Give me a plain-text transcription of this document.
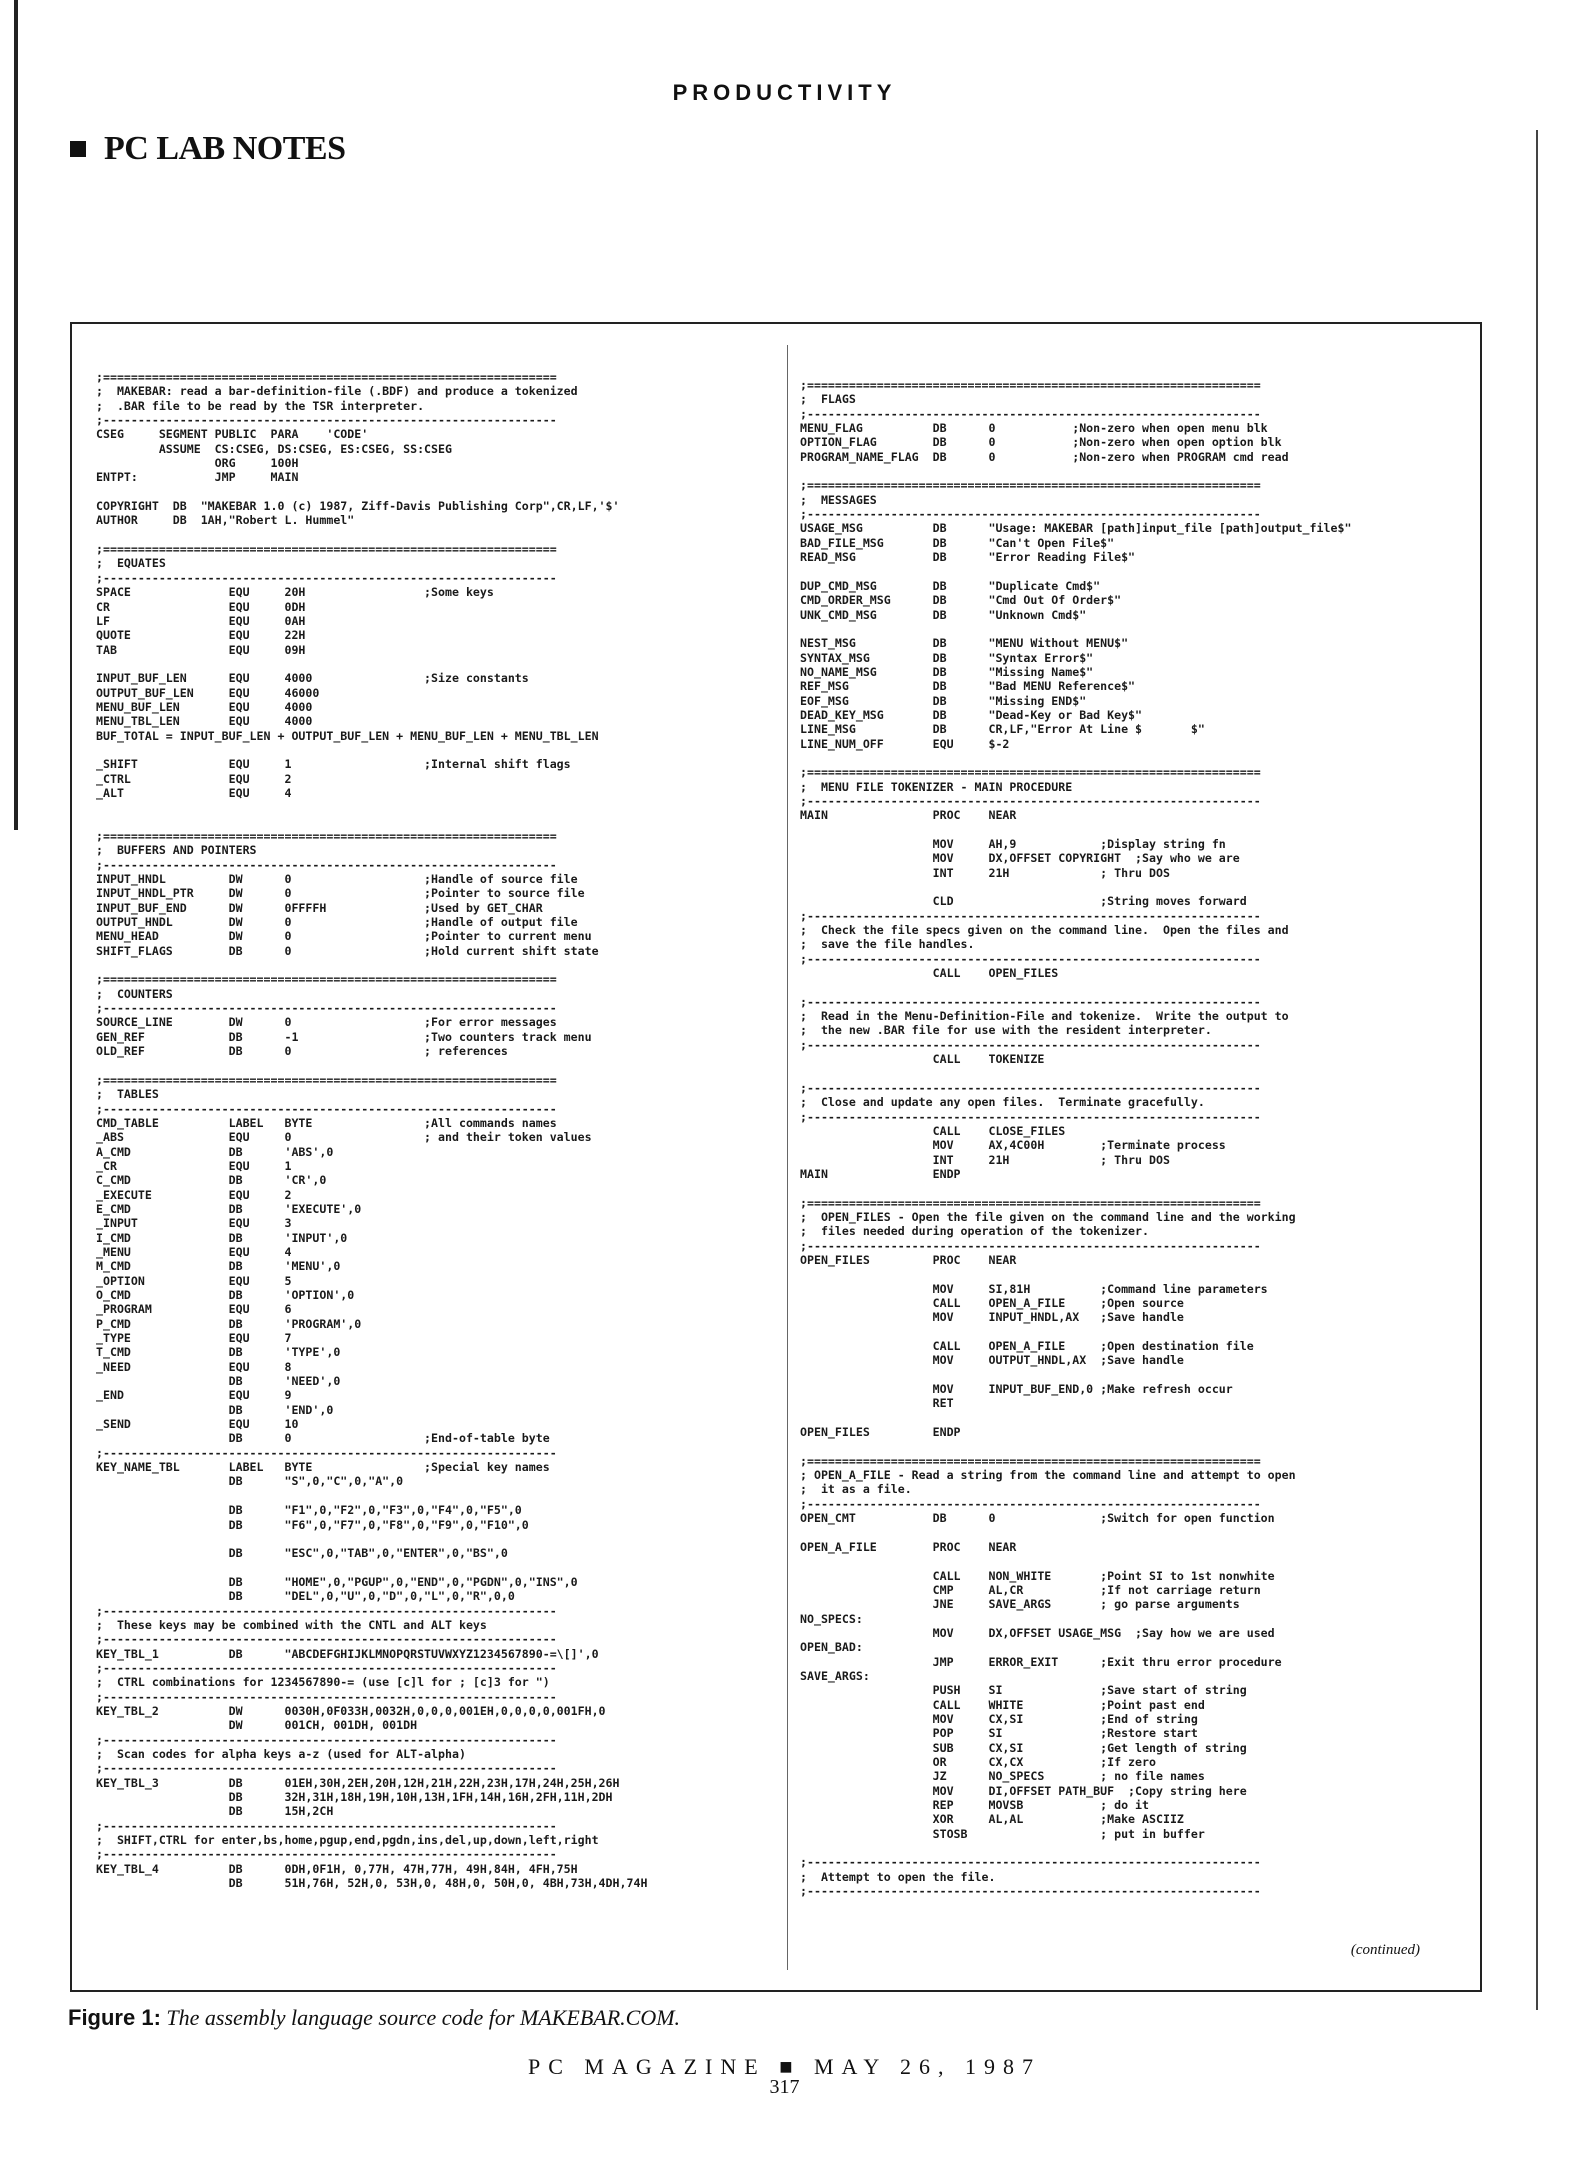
PRODUCTIVITY
PC LAB NOTES
;=================================================================
;  MAKEBAR: read a bar-definition-file (.BDF) and produce a tokenized
;  .BAR file to be read by the TSR interpreter.
;-----------------------------------------------------------------
CSEG     SEGMENT PUBLIC  PARA    'CODE'
ASSUME  CS:CSEG, DS:CSEG, ES:CSEG, SS:CSEG
ORG     100H
ENTPT:           JMP     MAIN

COPYRIGHT  DB  "MAKEBAR 1.0 (c) 1987, Ziff-Davis Publishing Corp",CR,LF,'$'
AUTHOR     DB  1AH,"Robert L. Hummel"

;=================================================================
;  EQUATES
;-----------------------------------------------------------------
SPACE              EQU     20H                 ;Some keys
CR                 EQU     0DH
LF                 EQU     0AH
QUOTE              EQU     22H
TAB                EQU     09H

INPUT_BUF_LEN      EQU     4000                ;Size constants
OUTPUT_BUF_LEN     EQU     46000
MENU_BUF_LEN       EQU     4000
MENU_TBL_LEN       EQU     4000
BUF_TOTAL = INPUT_BUF_LEN + OUTPUT_BUF_LEN + MENU_BUF_LEN + MENU_TBL_LEN

_SHIFT             EQU     1                   ;Internal shift flags
_CTRL              EQU     2
_ALT               EQU     4

;=================================================================
;  BUFFERS AND POINTERS
;-----------------------------------------------------------------
INPUT_HNDL         DW      0                   ;Handle of source file
INPUT_HNDL_PTR     DW      0                   ;Pointer to source file
INPUT_BUF_END      DW      0FFFFH              ;Used by GET_CHAR
OUTPUT_HNDL        DW      0                   ;Handle of output file
MENU_HEAD          DW      0                   ;Pointer to current menu
SHIFT_FLAGS        DB      0                   ;Hold current shift state

;=================================================================
;  COUNTERS
;-----------------------------------------------------------------
SOURCE_LINE        DW      0                   ;For error messages
GEN_REF            DB      -1                  ;Two counters track menu
OLD_REF            DB      0                   ; references

;=================================================================
;  TABLES
;-----------------------------------------------------------------
CMD_TABLE          LABEL   BYTE                ;All commands names
_ABS               EQU     0                   ; and their token values
A_CMD              DB      'ABS',0
_CR                EQU     1
C_CMD              DB      'CR',0
_EXECUTE           EQU     2
E_CMD              DB      'EXECUTE',0
_INPUT             EQU     3
I_CMD              DB      'INPUT',0
_MENU              EQU     4
M_CMD              DB      'MENU',0
_OPTION            EQU     5
O_CMD              DB      'OPTION',0
_PROGRAM           EQU     6
P_CMD              DB      'PROGRAM',0
_TYPE              EQU     7
T_CMD              DB      'TYPE',0
_NEED              EQU     8
DB      'NEED',0
_END               EQU     9
DB      'END',0
_SEND              EQU     10
DB      0                   ;End-of-table byte
;-----------------------------------------------------------------
KEY_NAME_TBL       LABEL   BYTE                ;Special key names
DB      "S",0,"C",0,"A",0

DB      "F1",0,"F2",0,"F3",0,"F4",0,"F5",0
DB      "F6",0,"F7",0,"F8",0,"F9",0,"F10",0

DB      "ESC",0,"TAB",0,"ENTER",0,"BS",0

DB      "HOME",0,"PGUP",0,"END",0,"PGDN",0,"INS",0
DB      "DEL",0,"U",0,"D",0,"L",0,"R",0,0
;-----------------------------------------------------------------
;  These keys may be combined with the CNTL and ALT keys
;-----------------------------------------------------------------
KEY_TBL_1          DB      "ABCDEFGHIJKLMNOPQRSTUVWXYZ1234567890-=\[]',0
;-----------------------------------------------------------------
;  CTRL combinations for 1234567890-= (use [c]l for ; [c]3 for ")
;-----------------------------------------------------------------
KEY_TBL_2          DW      0030H,0F033H,0032H,0,0,0,001EH,0,0,0,0,001FH,0
DW      001CH, 001DH, 001DH
;-----------------------------------------------------------------
;  Scan codes for alpha keys a-z (used for ALT-alpha)
;-----------------------------------------------------------------
KEY_TBL_3          DB      01EH,30H,2EH,20H,12H,21H,22H,23H,17H,24H,25H,26H
DB      32H,31H,18H,19H,10H,13H,1FH,14H,16H,2FH,11H,2DH
DB      15H,2CH
;-----------------------------------------------------------------
;  SHIFT,CTRL for enter,bs,home,pgup,end,pgdn,ins,del,up,down,left,right
;-----------------------------------------------------------------
KEY_TBL_4          DB      0DH,0F1H, 0,77H, 47H,77H, 49H,84H, 4FH,75H
DB      51H,76H, 52H,0, 53H,0, 48H,0, 50H,0, 4BH,73H,4DH,74H
;=================================================================
;  FLAGS
;-----------------------------------------------------------------
MENU_FLAG          DB      0           ;Non-zero when open menu blk
OPTION_FLAG        DB      0           ;Non-zero when open option blk
PROGRAM_NAME_FLAG  DB      0           ;Non-zero when PROGRAM cmd read

;=================================================================
;  MESSAGES
;-----------------------------------------------------------------
USAGE_MSG          DB      "Usage: MAKEBAR [path]input_file [path]output_file$"
BAD_FILE_MSG       DB      "Can't Open File$"
READ_MSG           DB      "Error Reading File$"

DUP_CMD_MSG        DB      "Duplicate Cmd$"
CMD_ORDER_MSG      DB      "Cmd Out Of Order$"
UNK_CMD_MSG        DB      "Unknown Cmd$"

NEST_MSG           DB      "MENU Without MENU$"
SYNTAX_MSG         DB      "Syntax Error$"
NO_NAME_MSG        DB      "Missing Name$"
REF_MSG            DB      "Bad MENU Reference$"
EOF_MSG            DB      "Missing END$"
DEAD_KEY_MSG       DB      "Dead-Key or Bad Key$"
LINE_MSG           DB      CR,LF,"Error At Line $       $"
LINE_NUM_OFF       EQU     $-2

;=================================================================
;  MENU FILE TOKENIZER - MAIN PROCEDURE
;-----------------------------------------------------------------
MAIN               PROC    NEAR

MOV     AH,9            ;Display string fn
MOV     DX,OFFSET COPYRIGHT  ;Say who we are
INT     21H             ; Thru DOS

CLD                     ;String moves forward
;-----------------------------------------------------------------
;  Check the file specs given on the command line.  Open the files and
;  save the file handles.
;-----------------------------------------------------------------
CALL    OPEN_FILES

;-----------------------------------------------------------------
;  Read in the Menu-Definition-File and tokenize.  Write the output to
;  the new .BAR file for use with the resident interpreter.
;-----------------------------------------------------------------
CALL    TOKENIZE

;-----------------------------------------------------------------
;  Close and update any open files.  Terminate gracefully.
;-----------------------------------------------------------------
CALL    CLOSE_FILES
MOV     AX,4C00H        ;Terminate process
INT     21H             ; Thru DOS
MAIN               ENDP

;=================================================================
;  OPEN_FILES - Open the file given on the command line and the working
;  files needed during operation of the tokenizer.
;-----------------------------------------------------------------
OPEN_FILES         PROC    NEAR

MOV     SI,81H          ;Command line parameters
CALL    OPEN_A_FILE     ;Open source
MOV     INPUT_HNDL,AX   ;Save handle

CALL    OPEN_A_FILE     ;Open destination file
MOV     OUTPUT_HNDL,AX  ;Save handle

MOV     INPUT_BUF_END,0 ;Make refresh occur
RET

OPEN_FILES         ENDP

;=================================================================
; OPEN_A_FILE - Read a string from the command line and attempt to open
;  it as a file.
;-----------------------------------------------------------------
OPEN_CMT           DB      0               ;Switch for open function

OPEN_A_FILE        PROC    NEAR

CALL    NON_WHITE       ;Point SI to 1st nonwhite
CMP     AL,CR           ;If not carriage return
JNE     SAVE_ARGS       ; go parse arguments
NO_SPECS:
MOV     DX,OFFSET USAGE_MSG  ;Say how we are used
OPEN_BAD:
JMP     ERROR_EXIT      ;Exit thru error procedure
SAVE_ARGS:
PUSH    SI              ;Save start of string
CALL    WHITE           ;Point past end
MOV     CX,SI           ;End of string
POP     SI              ;Restore start
SUB     CX,SI           ;Get length of string
OR      CX,CX           ;If zero
JZ      NO_SPECS        ; no file names
MOV     DI,OFFSET PATH_BUF  ;Copy string here
REP     MOVSB           ; do it
XOR     AL,AL           ;Make ASCIIZ
STOSB                   ; put in buffer

;-----------------------------------------------------------------
;  Attempt to open the file.
;-----------------------------------------------------------------
(continued)
Figure 1: The assembly language source code for MAKEBAR.COM.
PC MAGAZINE ■ MAY 26, 1987
317
